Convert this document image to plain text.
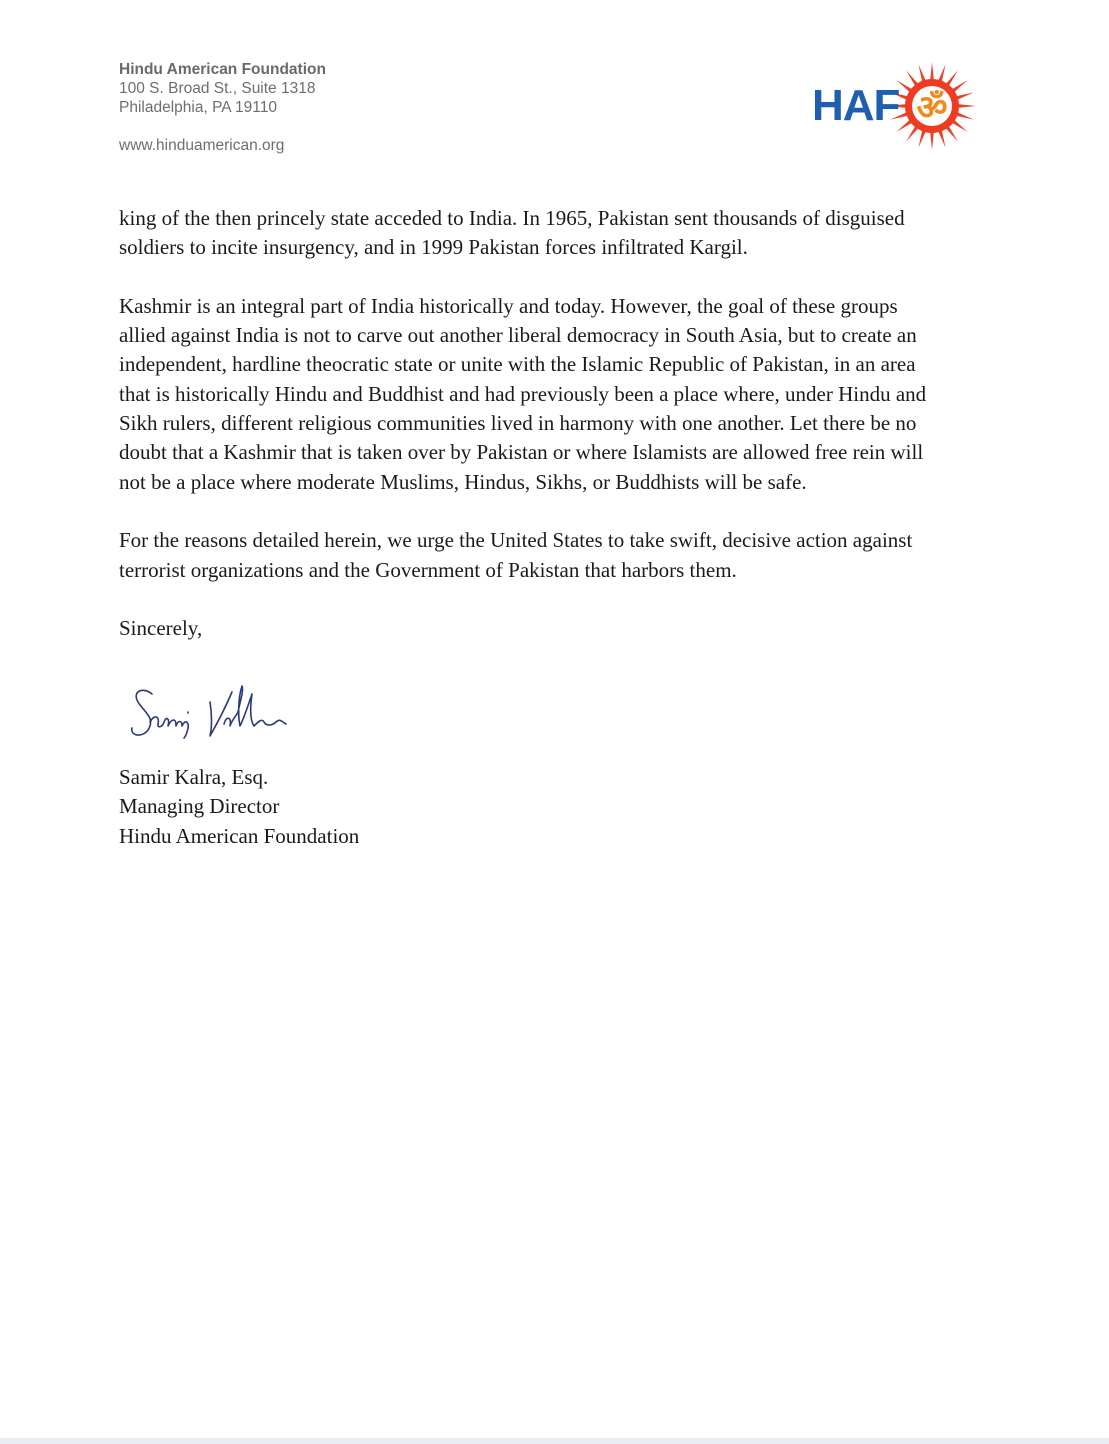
Hindu American Foundation
100 S. Broad St., Suite 1318
Philadelphia, PA 19110
www.hinduamerican.org
ॐ
HAF

king of the then princely state acceded to India. In 1965, Pakistan sent thousands of disguised
soldiers to incite insurgency, and in 1999 Pakistan forces infiltrated Kargil.

Kashmir is an integral part of India historically and today. However, the goal of these groups
allied against India is not to carve out another liberal democracy in South Asia, but to create an
independent, hardline theocratic state or unite with the Islamic Republic of Pakistan, in an area
that is historically Hindu and Buddhist and had previously been a place where, under Hindu and
Sikh rulers, different religious communities lived in harmony with one another. Let there be no
doubt that a Kashmir that is taken over by Pakistan or where Islamists are allowed free rein will
not be a place where moderate Muslims, Hindus, Sikhs, or Buddhists will be safe.

For the reasons detailed herein, we urge the United States to take swift, decisive action against
terrorist organizations and the Government of Pakistan that harbors them.

Sincerely,

Samir Kalra, Esq.
Managing Director
Hindu American Foundation
